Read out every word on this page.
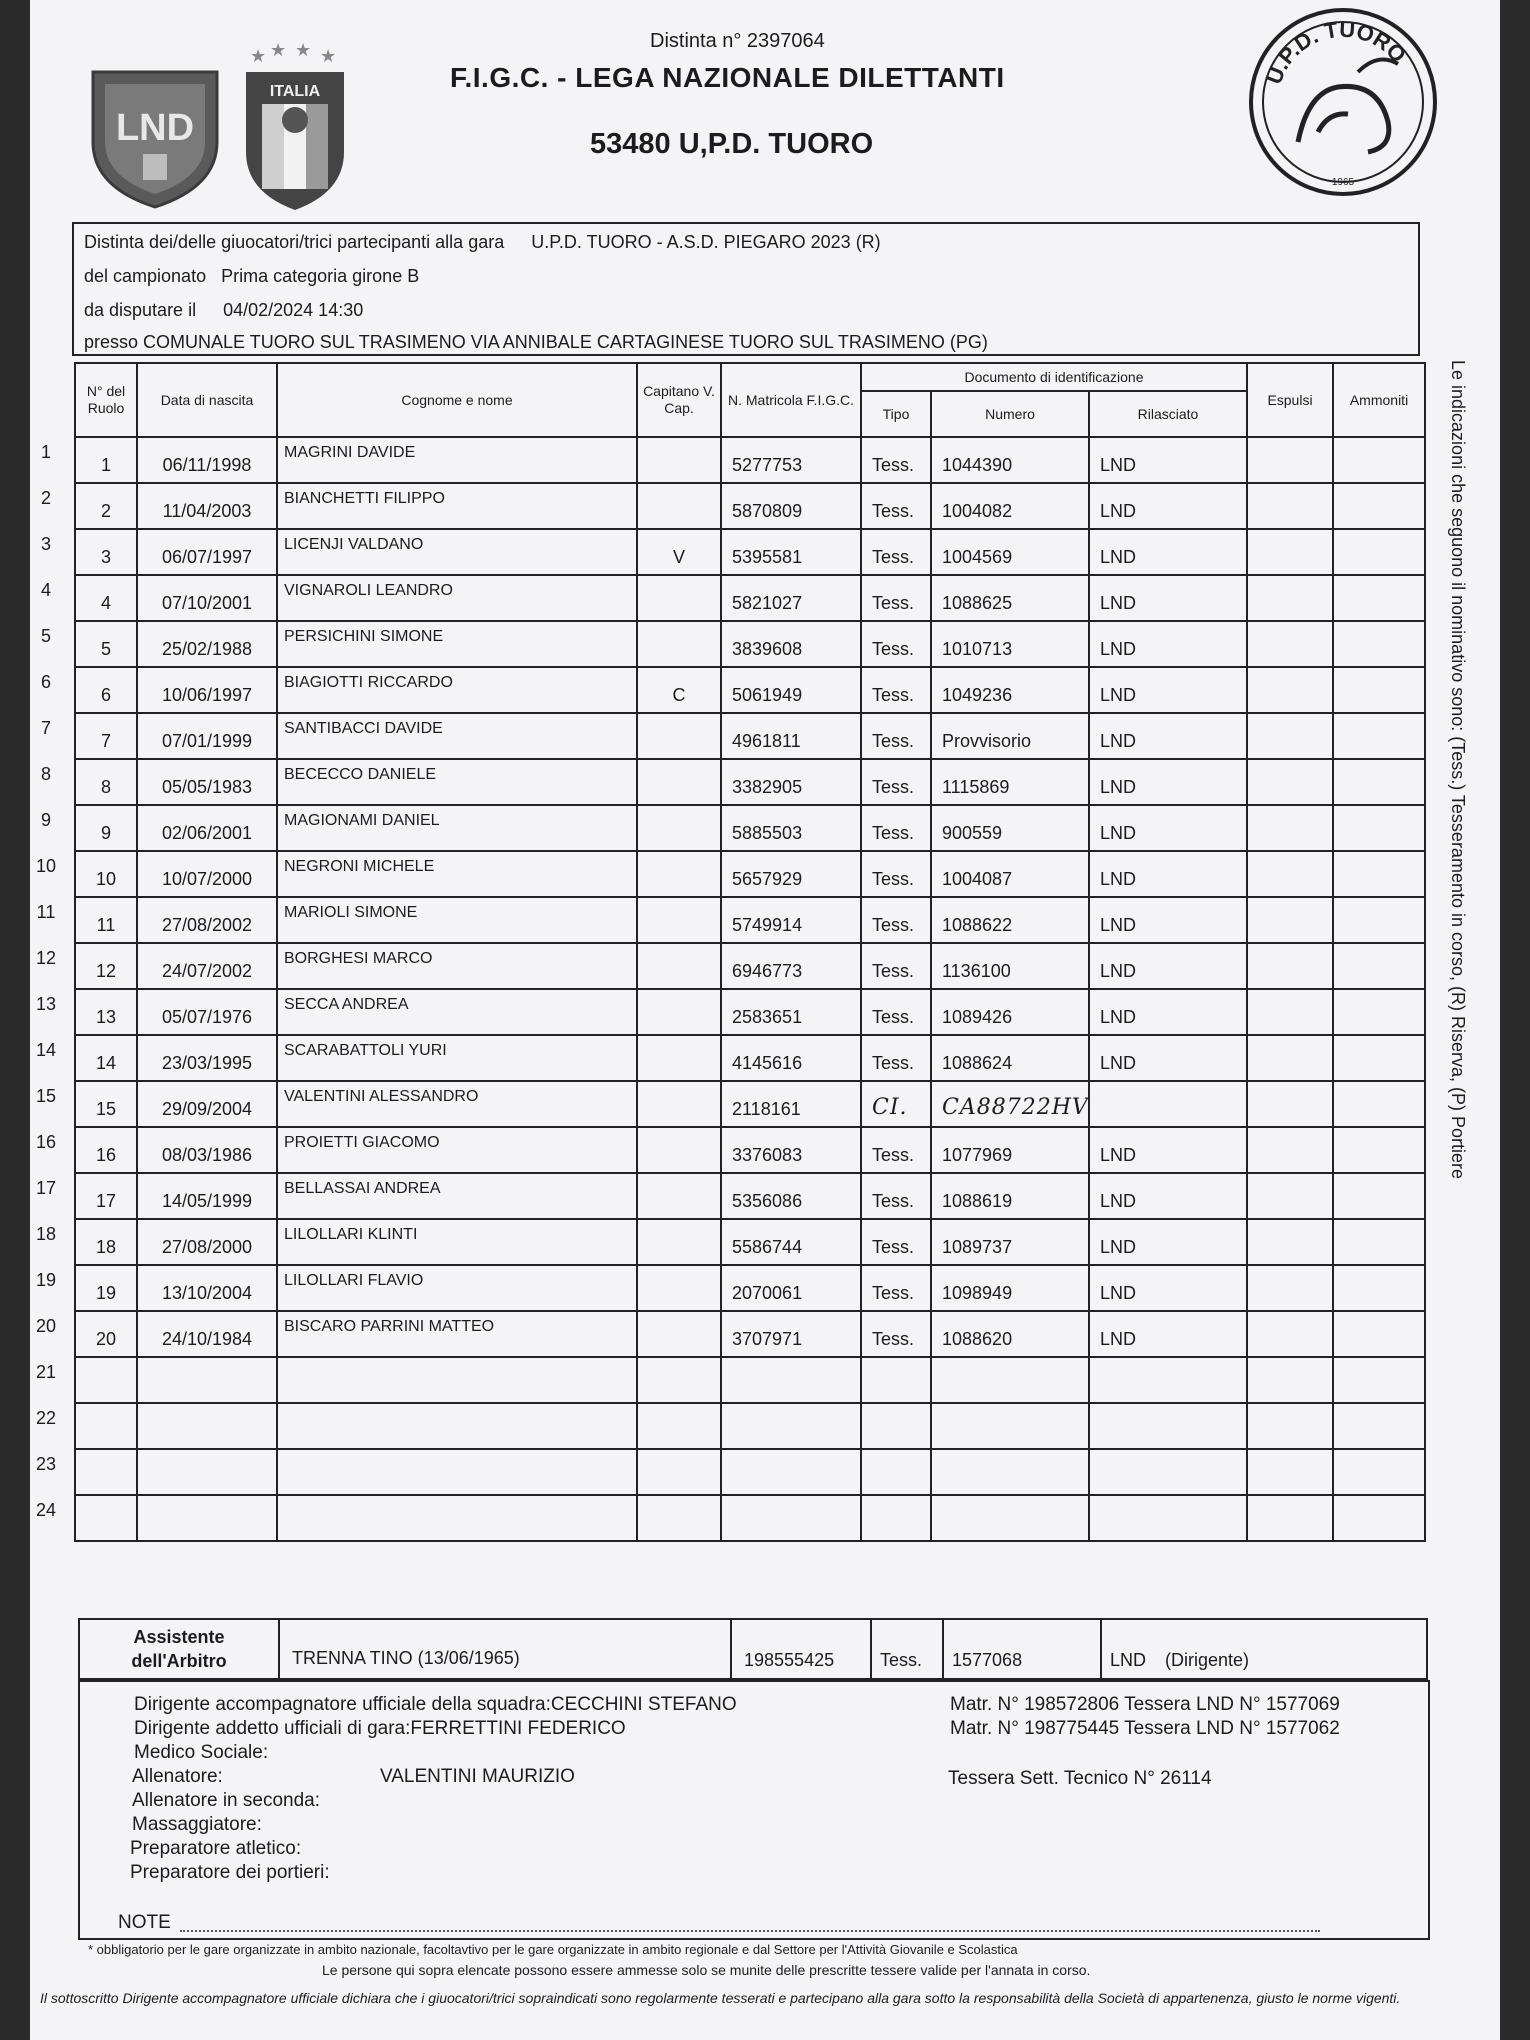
LND
★ ★ ★ ★
ITALIA
U.P.D. TUORO
1965
Distinta n° 2397064
F.I.G.C. - LEGA NAZIONALE DILETTANTI
53480 U,P.D. TUORO
Distinta dei/delle giuocatori/trici partecipanti alla gara U.P.D. TUORO - A.S.D. PIEGARO 2023 (R)
del campionato Prima categoria girone B
da disputare il 04/02/2024 14:30
presso COMUNALE TUORO SUL TRASIMENO VIA ANNIBALE CARTAGINESE TUORO SUL TRASIMENO (PG)
N° del Ruolo	Data di nascita	Cognome e nome	Capitano V. Cap.	N. Matricola F.I.G.C.	Documento di identificazione			Espulsi	Ammoniti
					Tipo	Numero	Rilasciato		
1	06/11/1998	MAGRINI DAVIDE		5277753	Tess.	1044390	LND		
2	11/04/2003	BIANCHETTI FILIPPO		5870809	Tess.	1004082	LND		
3	06/07/1997	LICENJI VALDANO	V	5395581	Tess.	1004569	LND		
4	07/10/2001	VIGNAROLI LEANDRO		5821027	Tess.	1088625	LND		
5	25/02/1988	PERSICHINI SIMONE		3839608	Tess.	1010713	LND		
6	10/06/1997	BIAGIOTTI RICCARDO	C	5061949	Tess.	1049236	LND		
7	07/01/1999	SANTIBACCI DAVIDE		4961811	Tess.	Provvisorio	LND		
8	05/05/1983	BECECCO DANIELE		3382905	Tess.	1115869	LND		
9	02/06/2001	MAGIONAMI DANIEL		5885503	Tess.	900559	LND		
10	10/07/2000	NEGRONI MICHELE		5657929	Tess.	1004087	LND		
11	27/08/2002	MARIOLI SIMONE		5749914	Tess.	1088622	LND		
12	24/07/2002	BORGHESI MARCO		6946773	Tess.	1136100	LND		
13	05/07/1976	SECCA ANDREA		2583651	Tess.	1089426	LND		
14	23/03/1995	SCARABATTOLI YURI		4145616	Tess.	1088624	LND		
15	29/09/2004	VALENTINI ALESSANDRO		2118161	CI.	CA88722HV			
16	08/03/1986	PROIETTI GIACOMO		3376083	Tess.	1077969	LND		
17	14/05/1999	BELLASSAI ANDREA		5356086	Tess.	1088619	LND		
18	27/08/2000	LILOLLARI KLINTI		5586744	Tess.	1089737	LND		
19	13/10/2004	LILOLLARI FLAVIO		2070061	Tess.	1098949	LND		
20	24/10/1984	BISCARO PARRINI MATTEO		3707971	Tess.	1088620	LND		

1
2
3
4
5
6
7
8
9
10
11
12
13
14
15
16
17
18
19
20
21
22
23
24
Assistente
dell'Arbitro	TRENNA TINO (13/06/1965)	198555425	Tess. 1577068	LND (Dirigente)
Dirigente accompagnatore ufficiale della squadra:CECCHINI STEFANO	Matr. N° 198572806 Tessera LND N° 1577069
Dirigente addetto ufficiali di gara:FERRETTINI FEDERICO	Matr. N° 198775445 Tessera LND N° 1577062
Medico Sociale:
Allenatore:	VALENTINI MAURIZIO	Tessera Sett. Tecnico N° 26114
Allenatore in seconda:
Massaggiatore:
Preparatore atletico:
Preparatore dei portieri:
NOTE
* obbligatorio per le gare organizzate in ambito nazionale, facoltavtivo per le gare organizzate in ambito regionale e dal Settore per l'Attività Giovanile e Scolastica
Le persone qui sopra elencate possono essere ammesse solo se munite delle prescritte tessere valide per l'annata in corso.
Il sottoscritto Dirigente accompagnatore ufficiale dichiara che i giuocatori/trici sopraindicati sono regolarmente tesserati e partecipano alla gara sotto la responsabilità della Società di appartenenza, giusto le norme vigenti.
Le indicazioni che seguono il nominativo sono: (Tess.) Tesseramento in corso, (R) Riserva, (P) Portiere
